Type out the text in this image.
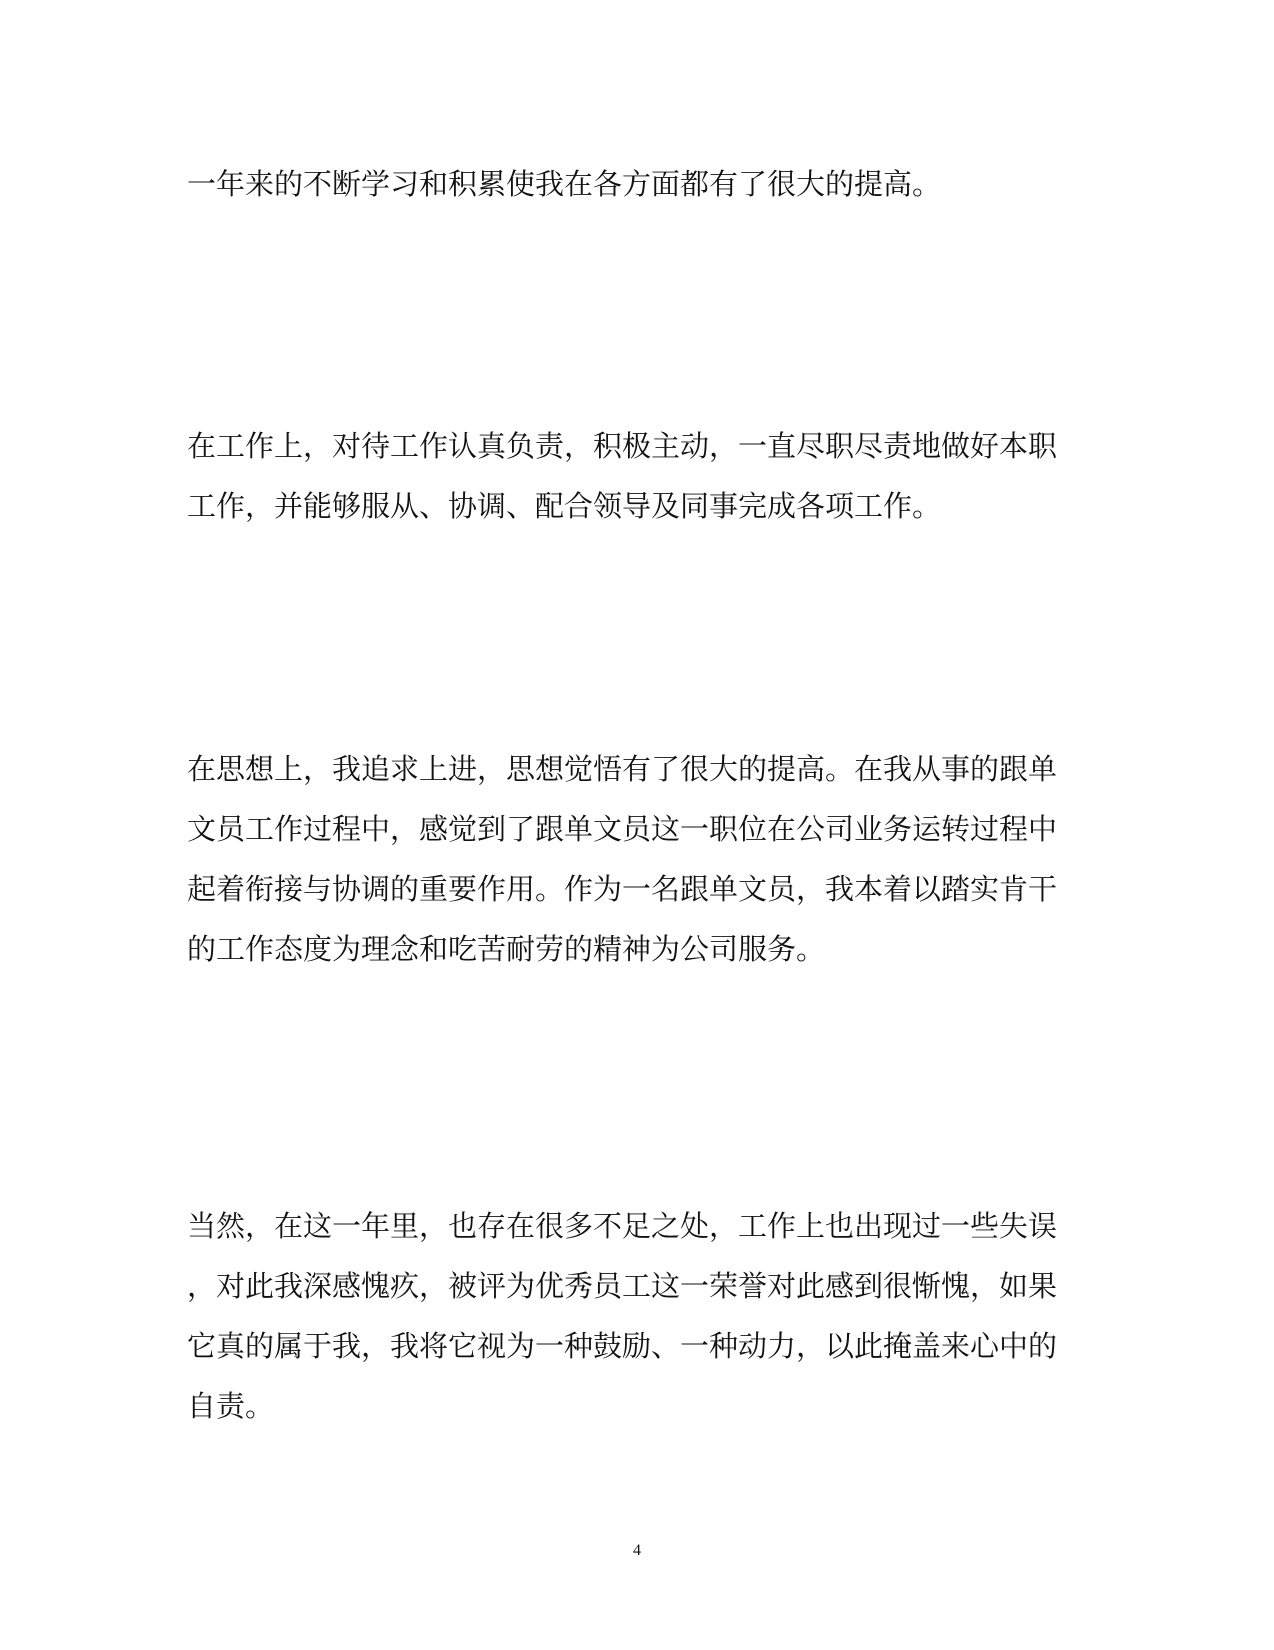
一年来的不断学习和积累使我在各方面都有了很大的提高。

在工作上，对待工作认真负责，积极主动，一直尽职尽责地做好本职
工作，并能够服从、协调、配合领导及同事完成各项工作。

在思想上，我追求上进，思想觉悟有了很大的提高。在我从事的跟单
文员工作过程中，感觉到了跟单文员这一职位在公司业务运转过程中
起着衔接与协调的重要作用。作为一名跟单文员，我本着以踏实肯干
的工作态度为理念和吃苦耐劳的精神为公司服务。

当然，在这一年里，也存在很多不足之处，工作上也出现过一些失误
，对此我深感愧疚，被评为优秀员工这一荣誉对此感到很惭愧，如果
它真的属于我，我将它视为一种鼓励、一种动力，以此掩盖来心中的
自责。

4
